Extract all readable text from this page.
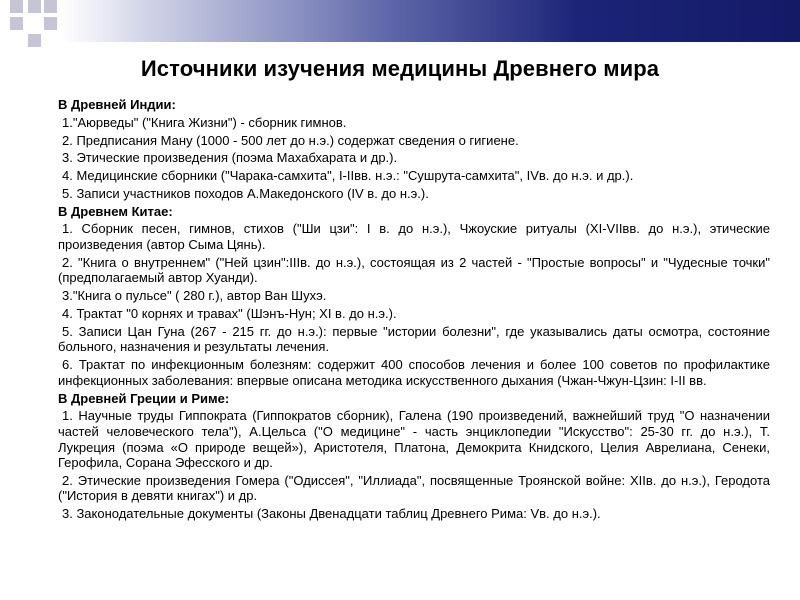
Источники изучения медицины Древнего мира
В Древней Индии:
1."Аюрведы" ("Книга Жизни") - сборник гимнов.
2. Предписания Ману (1000 - 500 лет до н.э.) содержат сведения о гигиене.
3. Этические произведения (поэма Махабхарата и др.).
4. Медицинские сборники ("Чарака-самхита", I-IIвв. н.э.: "Сушрута-самхита", IVв. до н.э. и др.).
5. Записи участников походов А.Македонского (IV в. до н.э.).
В Древнем Китае:
1. Сборник песен, гимнов, стихов ("Ши цзи": I в. до н.э.), Чжоуские ритуалы (XI-VIIвв. до н.э.), этические произведения (автор Сыма Цянь).
2. "Книга о внутреннем" ("Ней цзин":IIIв. до н.э.), состоящая из 2 частей - "Простые вопросы" и "Чудесные точки" (предполагаемый автор Хуанди).
3."Книга о пульсе" ( 280 г.), автор Ван Шухэ.
4. Трактат "0 корнях и травах" (Шэнъ-Нун; XI в. до н.э.).
5. Записи Цан Гуна (267 - 215 гг. до н.э.): первые "истории болезни", где указывались даты осмотра, состояние больного, назначения и результаты лечения.
6. Трактат по инфекционным болезням: содержит 400 способов лечения и более 100 советов по профилактике инфекционных заболевания: впервые описана методика искусственного дыхания (Чжан-Чжун-Цзин: I-II вв.
В Древней Греции и Риме:
1. Научные труды Гиппократа (Гиппократов сборник), Галена (190 произведений, важнейший труд "О назначении частей человеческого тела"), А.Цельса ("О медицине" - часть энциклопедии "Искусство": 25-30 гг. до н.э.), Т. Лукреция (поэма «О природе вещей»), Аристотеля, Платона, Демокрита Книдского, Целия Аврелиана, Сенеки, Герофила, Сорана Эфесского и др.
2. Этические произведения Гомера ("Одиссея", "Иллиада", посвященные Троянской войне: XIIв. до н.э.), Геродота ("История в девяти книгах") и др.
3. Законодательные документы (Законы Двенадцати таблиц Древнего Рима: Vв. до н.э.).
